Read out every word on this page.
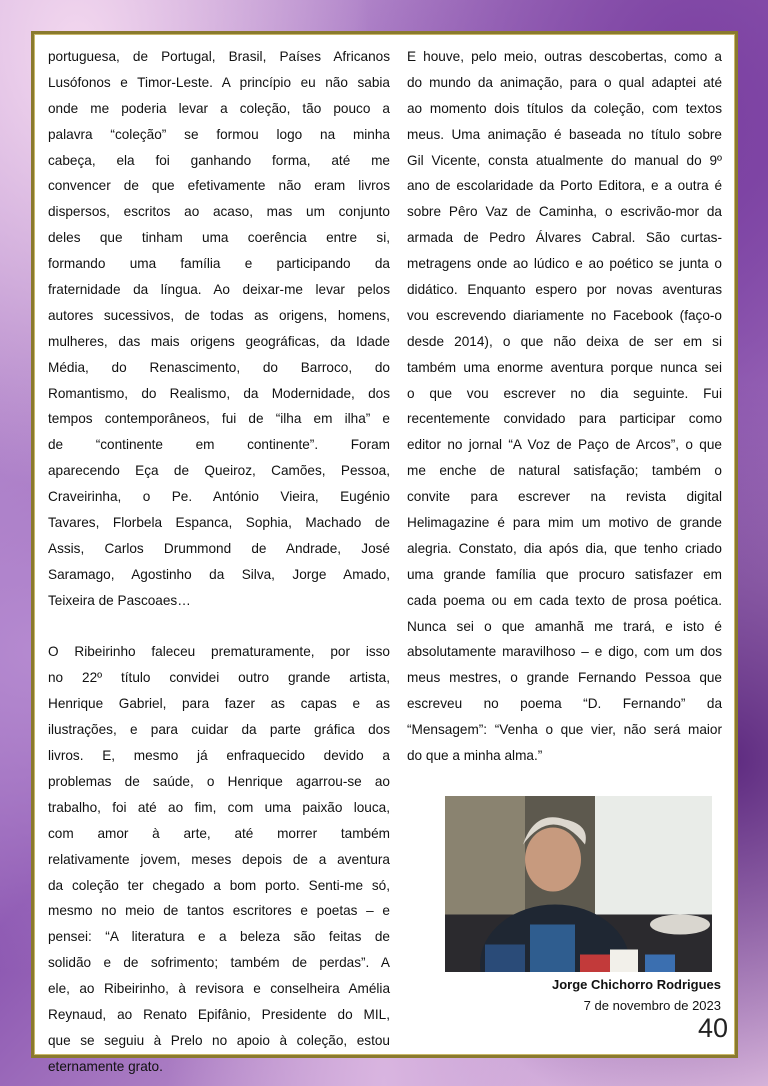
portuguesa, de Portugal, Brasil, Países Africanos
Lusófonos e Timor-Leste. A princípio eu não sabia
onde me poderia levar a coleção, tão pouco a
palavra “coleção” se formou logo na minha
cabeça, ela foi ganhando forma, até me
convencer de que efetivamente não eram livros
dispersos, escritos ao acaso, mas um conjunto
deles que tinham uma coerência entre si,
formando uma família e participando da
fraternidade da língua. Ao deixar-me levar pelos
autores sucessivos, de todas as origens, homens,
mulheres, das mais origens geográficas, da Idade
Média, do Renascimento, do Barroco, do
Romantismo, do Realismo, da Modernidade, dos
tempos contemporâneos, fui de “ilha em ilha” e
de “continente em continente”. Foram
aparecendo Eça de Queiroz, Camões, Pessoa,
Craveirinha, o Pe. António Vieira, Eugénio
Tavares, Florbela Espanca, Sophia, Machado de
Assis, Carlos Drummond de Andrade, José
Saramago, Agostinho da Silva, Jorge Amado,
Teixeira de Pascoaes…
O Ribeirinho faleceu prematuramente, por isso
no 22º título convidei outro grande artista,
Henrique Gabriel, para fazer as capas e as
ilustrações, e para cuidar da parte gráfica dos
livros. E, mesmo já enfraquecido devido a
problemas de saúde, o Henrique agarrou-se ao
trabalho, foi até ao fim, com uma paixão louca,
com amor à arte, até morrer também
relativamente jovem, meses depois de a aventura
da coleção ter chegado a bom porto. Senti-me só,
mesmo no meio de tantos escritores e poetas – e
pensei: “A literatura e a beleza são feitas de
solidão e de sofrimento; também de perdas”. A
ele, ao Ribeirinho, à revisora e conselheira Amélia
Reynaud, ao Renato Epifânio, Presidente do MIL,
que se seguiu à Prelo no apoio à coleção, estou
eternamente grato.
E houve, pelo meio, outras descobertas, como a
do mundo da animação, para o qual adaptei até
ao momento dois títulos da coleção, com textos
meus. Uma animação é baseada no título sobre
Gil Vicente, consta atualmente do manual do 9º
ano de escolaridade da Porto Editora, e a outra é
sobre Pêro Vaz de Caminha, o escrivão-mor da
armada de Pedro Álvares Cabral. São curtas-
metragens onde ao lúdico e ao poético se junta o
didático. Enquanto espero por novas aventuras
vou escrevendo diariamente no Facebook (faço-o
desde 2014), o que não deixa de ser em si
também uma enorme aventura porque nunca sei
o que vou escrever no dia seguinte. Fui
recentemente convidado para participar como
editor no jornal “A Voz de Paço de Arcos”, o que
me enche de natural satisfação; também o
convite para escrever na revista digital
Helimagazine é para mim um motivo de grande
alegria. Constato, dia após dia, que tenho criado
uma grande família que procuro satisfazer em
cada poema ou em cada texto de prosa poética.
Nunca sei o que amanhã me trará, e isto é
absolutamente maravilhoso – e digo, com um dos
meus mestres, o grande Fernando Pessoa que
escreveu no poema “D. Fernando” da
“Mensagem”: “Venha o que vier, não será maior
do que a minha alma.”
Jorge Chichorro Rodrigues
7 de novembro de 2023
40
